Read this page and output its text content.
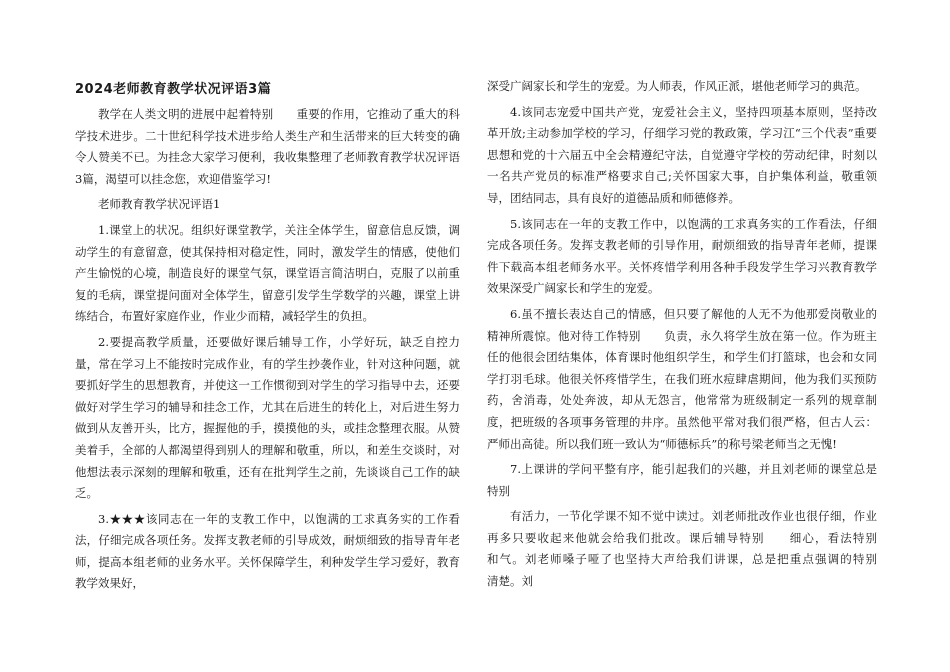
2024老师教育教学状况评语3篇

教学在人类文明的进展中起着特别　　重要的作用，它推动了重大的科学技术进步。二十世纪科学技术进步给人类生产和生活带来的巨大转变的确令人赞美不已。为挂念大家学习便利，我收集整理了老师教育教学状况评语3篇，渴望可以挂念您，欢迎借鉴学习!

老师教育教学状况评语1

1.课堂上的状况。组织好课堂教学，关注全体学生，留意信息反馈，调动学生的有意留意，使其保持相对稳定性，同时，激发学生的情感，使他们产生愉悦的心境，制造良好的课堂气氛，课堂语言简洁明白，克服了以前重复的毛病，课堂提问面对全体学生，留意引发学生学数学的兴趣，课堂上讲练结合，布置好家庭作业，作业少而精，减轻学生的负担。

2.要提高教学质量，还要做好课后辅导工作，小学好玩，缺乏自控力量，常在学习上不能按时完成作业，有的学生抄袭作业，针对这种问题，就要抓好学生的思想教育，并使这一工作惯彻到对学生的学习指导中去，还要做好对学生学习的辅导和挂念工作，尤其在后进生的转化上，对后进生努力做到从友善开头，比方，握握他的手，摸摸他的头，或挂念整理衣服。从赞美着手，全部的人都渴望得到别人的理解和敬重，所以，和差生交谈时，对他想法表示深刻的理解和敬重，还有在批判学生之前，先谈谈自己工作的缺乏。

3.★★★该同志在一年的支教工作中，以饱满的工求真务实的工作看法，仔细完成各项任务。发挥支教老师的引导成效，耐烦细致的指导青年老师，提高本组老师的业务水平。关怀保障学生，利种发学生学习爱好，教育教学效果好，

深受广阔家长和学生的宠爱。为人师表，作风正派，堪他老师学习的典范。

4.该同志宠爱中国共产党，宠爱社会主义，坚持四项基本原则，坚持改革开放;主动参加学校的学习，仔细学习党的教政策，学习江“三个代表”重要思想和党的十六届五中全会精遵纪守法，自觉遵守学校的劳动纪律，时刻以一名共产党员的标准严格要求自己;关怀国家大事，自护集体利益，敬重领导，团结同志，具有良好的道德品质和师德修养。

5.该同志在一年的支教工作中，以饱满的工求真务实的工作看法，仔细完成各项任务。发挥支教老师的引导作用，耐烦细致的指导青年老师，提课件下载高本组老师务水平。关怀疼惜学利用各种手段发学生学习兴教育教学效果深受广阔家长和学生的宠爱。

6.虽不擅长表达自己的情感，但只要了解他的人无不为他那爱岗敬业的精神所震惊。他对待工作特别　　负责，永久将学生放在第一位。作为班主任的他很会团结集体，体育课时他组织学生，和学生们打篮球，也会和女同学打羽毛球。他很关怀疼惜学生，在我们班水痘肆虐期间，他为我们买预防药，舍消毒，处处奔波，却从无怨言，他常常为班级制定一系列的规章制度，把班级的各项事务管理的井序。虽然他平常对我们很严格，但古人云：严师出高徒。所以我们班一致认为“师德标兵”的称号梁老师当之无愧!

7.上课讲的学问平整有序，能引起我们的兴趣，并且刘老师的课堂总是特别

有活力，一节化学课不知不觉中读过。刘老师批改作业也很仔细，作业再多只要收起来他就会给我们批改。课后辅导特别　　细心，看法特别　　和气。刘老师嗓子哑了也坚持大声给我们讲课，总是把重点强调的特别　　清楚。刘
